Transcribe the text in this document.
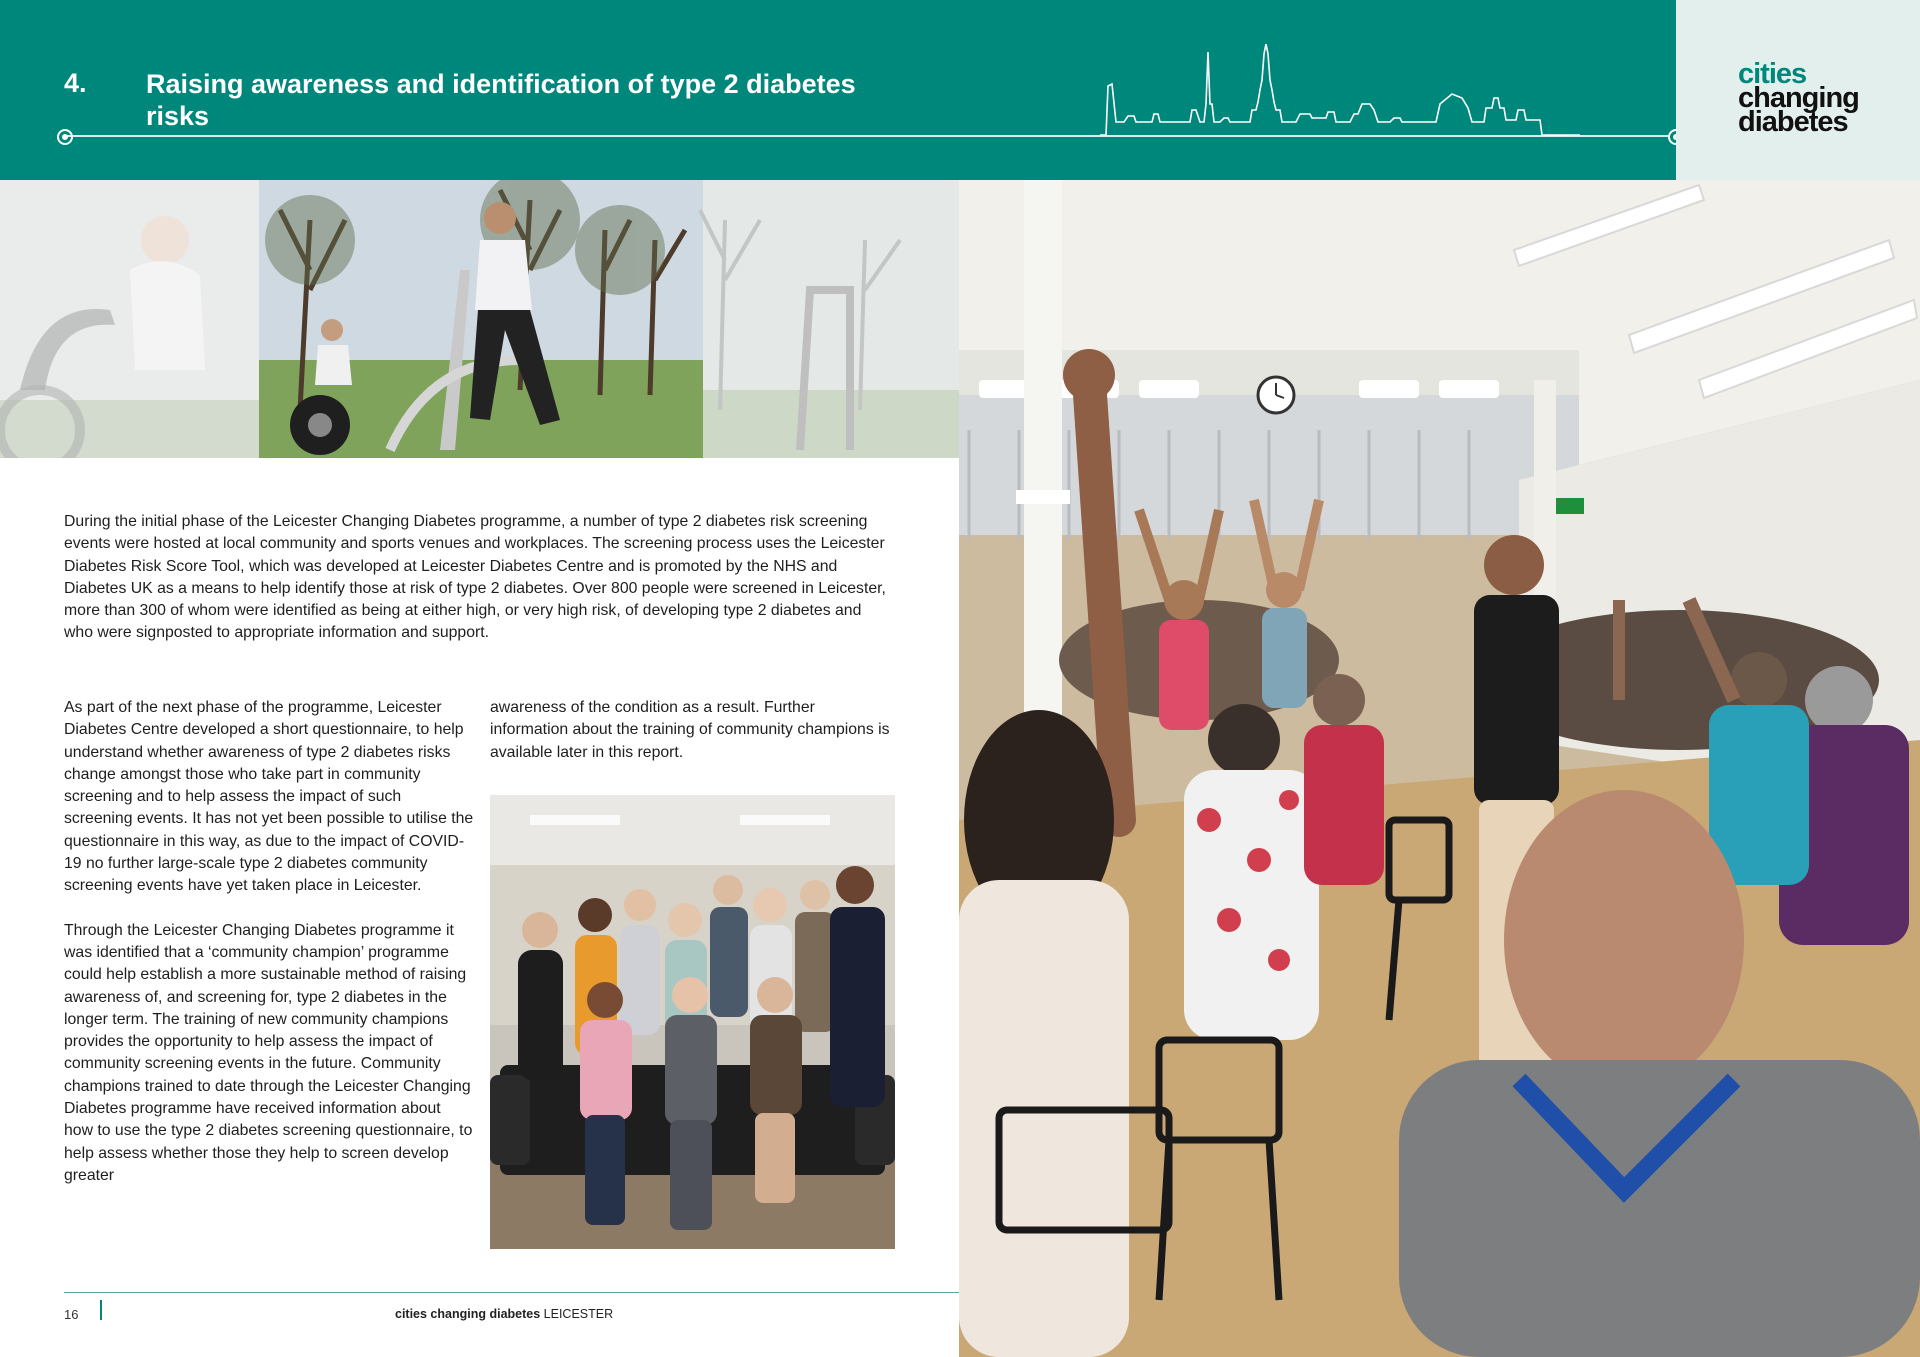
4. Raising awareness and identification of type 2 diabetes risks
cities
changing
diabetes
During the initial phase of the Leicester Changing Diabetes programme, a number of type 2 diabetes risk screening events were hosted at local community and sports venues and workplaces. The screening process uses the Leicester Diabetes Risk Score Tool, which was developed at Leicester Diabetes Centre and is promoted by the NHS and Diabetes UK as a means to help identify those at risk of type 2 diabetes. Over 800 people were screened in Leicester, more than 300 of whom were identified as being at either high, or very high risk, of developing type 2 diabetes and who were signposted to appropriate information and support.

As part of the next phase of the programme, Leicester Diabetes Centre developed a short questionnaire, to help understand whether awareness of type 2 diabetes risks change amongst those who take part in community screening and to help assess the impact of such screening events. It has not yet been possible to utilise the questionnaire in this way, as due to the impact of COVID-19 no further large-scale type 2 diabetes community screening events have yet taken place in Leicester.

Through the Leicester Changing Diabetes programme it was identified that a ‘community champion’ programme could help establish a more sustainable method of raising awareness of, and screening for, type 2 diabetes in the longer term. The training of new community champions provides the opportunity to help assess the impact of community screening events in the future. Community champions trained to date through the Leicester Changing Diabetes programme have received information about how to use the type 2 diabetes screening questionnaire, to help assess whether those they help to screen develop greater

awareness of the condition as a result. Further information about the training of community champions is available later in this report.

16	cities changing diabetes LEICESTER
